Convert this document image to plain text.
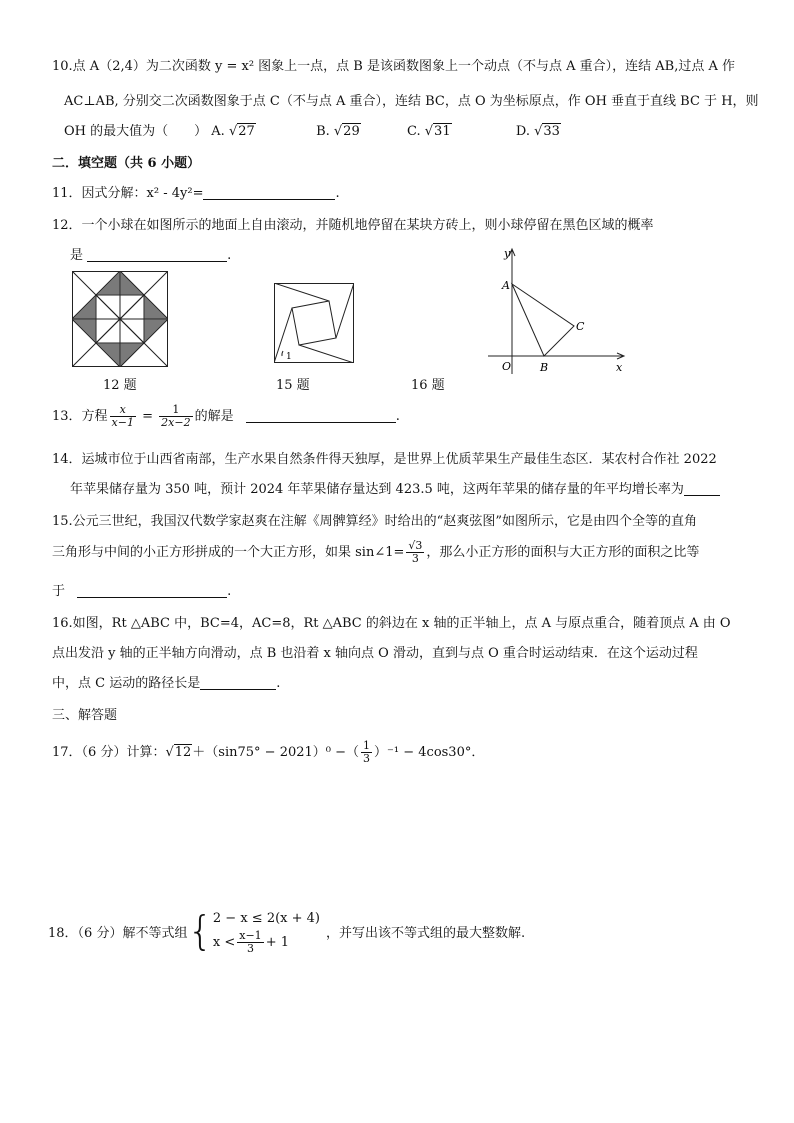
10.点 A（2,4）为二次函数 y = x² 图象上一点，点 B 是该函数图象上一个动点（不与点 A 重合），连结 AB,过点 A 作
AC⊥AB, 分别交二次函数图象于点 C（不与点 A 重合），连结 BC，点 O 为坐标原点，作 OH 垂直于直线 BC 于 H，则
OH 的最大值为（　　） A. √27	B. √29	C. √31	D. √33
二．填空题（共 6 小题）
11．因式分解：x² - 4y²=	.
12．一个小球在如图所示的地面上自由滚动，并随机地停留在某块方砖上，则小球停留在黑色区域的概率
是	.
12 题
1
15 题
y
x
A
B
C
O
16 题
13．方程 $\frac{x}{x-1} = \frac{1}{2x-2}$ 的解是	.
14．运城市位于山西省南部，生产水果自然条件得天独厚，是世界上优质苹果生产最佳生态区．某农村合作社 2022
年苹果储存量为 350 吨，预计 2024 年苹果储存量达到 423.5 吨，这两年苹果的储存量的年平均增长率为
15.公元三世纪，我国汉代数学家赵爽在注解《周髀算经》时给出的“赵爽弦图”如图所示，它是由四个全等的直角
三角形与中间的小正方形拼成的一个大正方形，如果 sin∠1= $\frac{√3}{3}$ ，那么小正方形的面积与大正方形的面积之比等
于	.
16.如图，Rt △ABC 中，BC=4，AC=8，Rt △ABC 的斜边在 x 轴的正半轴上，点 A 与原点重合，随着顶点 A 由 O
点出发沿 y 轴的正半轴方向滑动，点 B 也沿着 x 轴向点 O 滑动，直到与点 O 重合时运动结束．在这个运动过程
中，点 C 运动的路径长是	.
三、解答题
17．（6 分）计算：√12＋（sin75° − 2021）⁰ −（ $\frac{1}{3} )^{-1} - 4\cos 30^\circ$．
18．（6 分）解不等式组{ 2 − x ≤ 2(x + 4)
$x < \frac{x-1}{3} + 1$
，并写出该不等式组的最大整数解.
